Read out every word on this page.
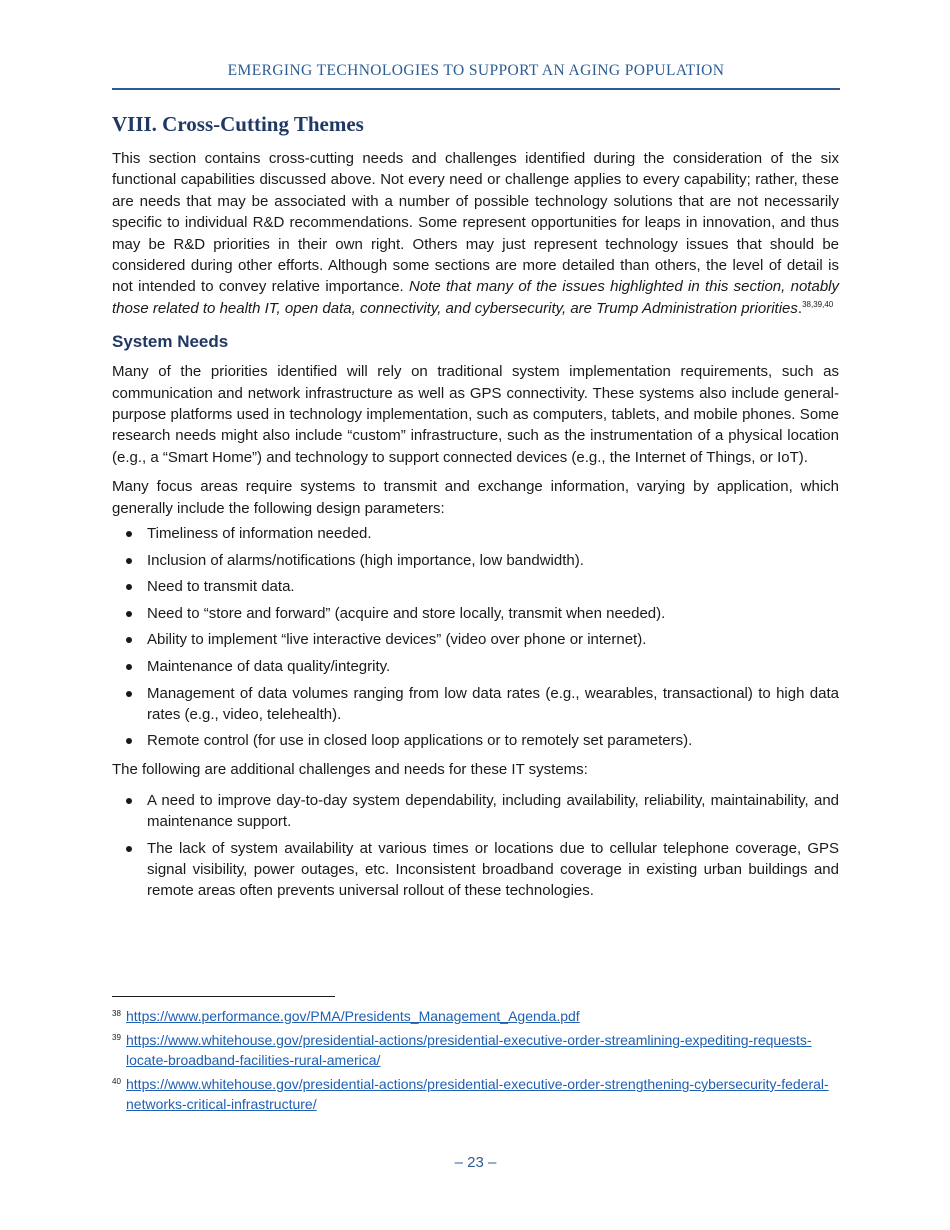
EMERGING TECHNOLOGIES TO SUPPORT AN AGING POPULATION
VIII. Cross-Cutting Themes

This section contains cross-cutting needs and challenges identified during the consideration of the six functional capabilities discussed above. Not every need or challenge applies to every capability; rather, these are needs that may be associated with a number of possible technology solutions that are not necessarily specific to individual R&D recommendations. Some represent opportunities for leaps in innovation, and thus may be R&D priorities in their own right. Others may just represent technology issues that should be considered during other efforts. Although some sections are more detailed than others, the level of detail is not intended to convey relative importance. Note that many of the issues highlighted in this section, notably those related to health IT, open data, connectivity, and cybersecurity, are Trump Administration priorities.$^{38,39,40}$

System Needs

Many of the priorities identified will rely on traditional system implementation requirements, such as communication and network infrastructure as well as GPS connectivity. These systems also include general-purpose platforms used in technology implementation, such as computers, tablets, and mobile phones. Some research needs might also include “custom” infrastructure, such as the instrumentation of a physical location (e.g., a “Smart Home”) and technology to support connected devices (e.g., the Internet of Things, or IoT).

Many focus areas require systems to transmit and exchange information, varying by application, which generally include the following design parameters:

Timeliness of information needed.
Inclusion of alarms/notifications (high importance, low bandwidth).
Need to transmit data.
Need to “store and forward” (acquire and store locally, transmit when needed).
Ability to implement “live interactive devices” (video over phone or internet).
Maintenance of data quality/integrity.
Management of data volumes ranging from low data rates (e.g., wearables, transactional) to high data rates (e.g., video, telehealth).
Remote control (for use in closed loop applications or to remotely set parameters).

The following are additional challenges and needs for these IT systems:

A need to improve day-to-day system dependability, including availability, reliability, maintainability, and maintenance support.
The lack of system availability at various times or locations due to cellular telephone coverage, GPS signal visibility, power outages, etc. Inconsistent broadband coverage in existing urban buildings and remote areas often prevents universal rollout of these technologies.
38 https://www.performance.gov/PMA/Presidents_Management_Agenda.pdf
39 https://www.whitehouse.gov/presidential-actions/presidential-executive-order-streamlining-expediting-requests-locate-broadband-facilities-rural-america/
40 https://www.whitehouse.gov/presidential-actions/presidential-executive-order-strengthening-cybersecurity-federal-networks-critical-infrastructure/
– 23 –
